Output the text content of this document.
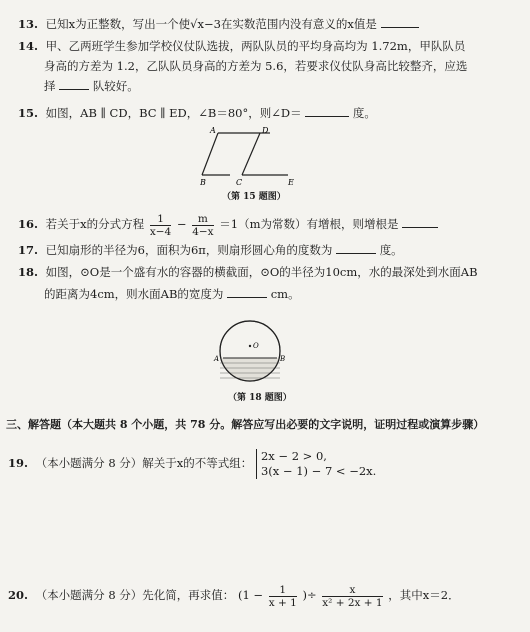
13. 已知x为正整数，写出一个使√x−3在实数范围内没有意义的x值是
14. 甲、乙两班学生参加学校仪仗队选拔，两队队员的平均身高均为 1.72m，甲队队员
身高的方差为 1.2，乙队队员身高的方差为 5.6，若要求仪仗队身高比较整齐，应选
择	队较好。
15. 如图，AB ∥ CD，BC ∥ ED，∠B＝80°，则∠D＝	度。
A
B	C
D
E
（第 15 题图）
16. 若关于x的分式方程 $\frac{1}{x-4} - \frac{m}{4-x} =1(m$为常数）有增根，则增根是
17. 已知扇形的半径为6，面积为6π，则扇形圆心角的度数为	度。
18. 如图，⊙O是一个盛有水的容器的横截面，⊙O的半径为10cm，水的最深处到水面AB
的距离为4cm，则水面AB的宽度为	cm。
O
A	B
（第 18 题图）
三、解答题（本大题共 8 个小题，共 78 分。解答应写出必要的文字说明，证明过程或演算步骤）
19. （本小题满分 8 分）解关于x的不等式组： 2x − 2 > 0,
3(x − 1) − 7 < −2x.
20. （本小题满分 8 分）先化简，再求值： ($1 - \frac{1}{x + 1}$ )÷ $\frac{x}{\text{x² + 2x + 1}}$ ，其中x＝2．
